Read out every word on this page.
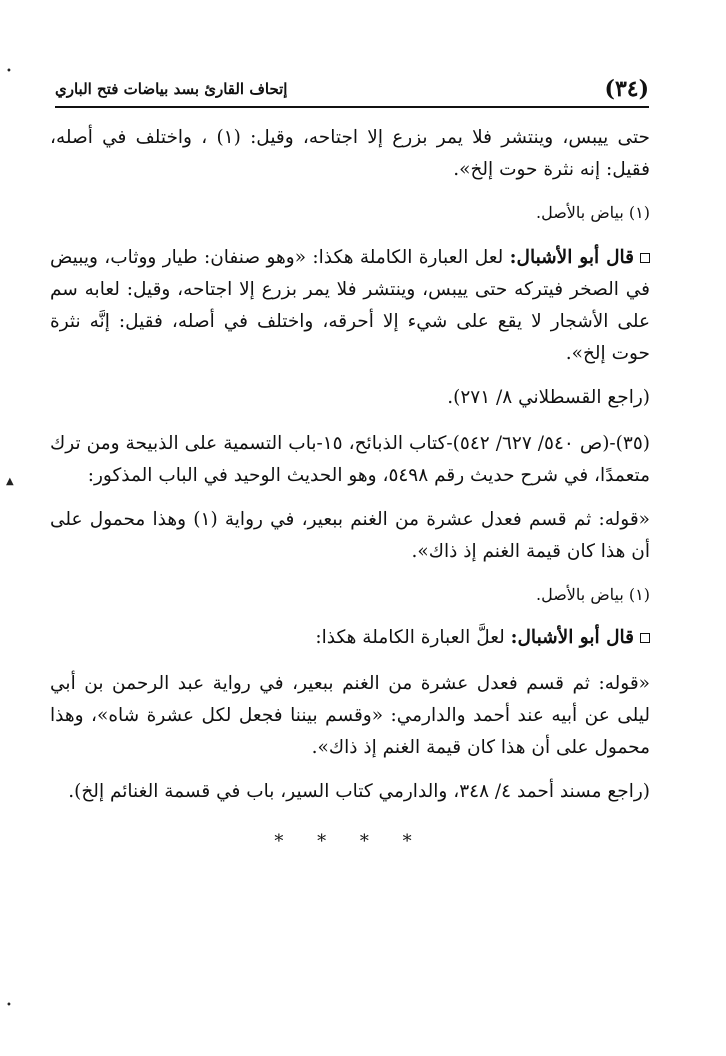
(٣٤)
إتحاف القارئ بسد بياضات فتح الباري

حتى ييبس، وينتشر فلا يمر بزرع إلا اجتاحه، وقيل: (١) ، واختلف في أصله، فقيل: إنه نثرة حوت إلخ».

(١) بياض بالأصل.

قال أبو الأشبال: لعل العبارة الكاملة هكذا: «وهو صنفان: طيار ووثاب، ويبيض في الصخر فيتركه حتى ييبس، وينتشر فلا يمر بزرع إلا اجتاحه، وقيل: لعابه سم على الأشجار لا يقع على شيء إلا أحرقه، واختلف في أصله، فقيل: إنَّه نثرة حوت إلخ».

(راجع القسطلاني ٨/ ٢٧١).

(٣٥)-(ص ٥٤٠/ ٦٢٧/ ٥٤٢)-كتاب الذبائح، ١٥-باب التسمية على الذبيحة ومن ترك متعمدًا، في شرح حديث رقم ٥٤٩٨، وهو الحديث الوحيد في الباب المذكور:

«قوله: ثم قسم فعدل عشرة من الغنم ببعير، في رواية (١) وهذا محمول على أن هذا كان قيمة الغنم إذ ذاك».

(١) بياض بالأصل.

قال أبو الأشبال: لعلَّ العبارة الكاملة هكذا:

«قوله: ثم قسم فعدل عشرة من الغنم ببعير، في رواية عبد الرحمن بن أبي ليلى عن أبيه عند أحمد والدارمي: «وقسم بيننا فجعل لكل عشرة شاه»، وهذا محمول على أن هذا كان قيمة الغنم إذ ذاك».

(راجع مسند أحمد ٤/ ٣٤٨، والدارمي كتاب السير، باب في قسمة الغنائم إلخ).

* * * *

•
▲
•
